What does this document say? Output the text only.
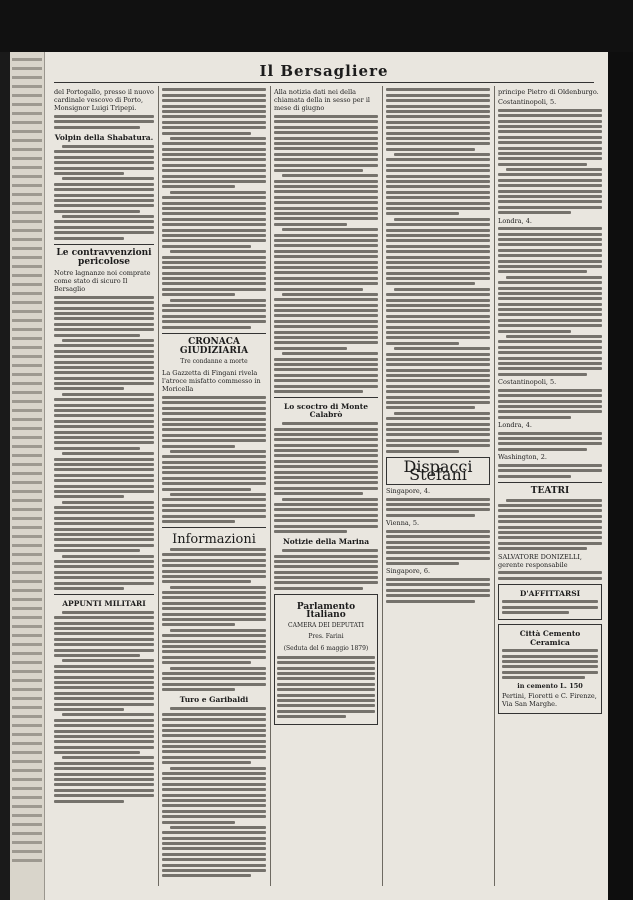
Il Bersagliere
del Portogallo, presso il nuovo cardinale vescovo di Porto, Monsignor Luigi Tripepi.
Volpin della Shabatura.
Le contravvenzioni pericolose
Notre lagnanze noi comprate come stato di sicuro Il Bersaglio
APPUNTI MILITARI
CRONACA GIUDIZIARIA
Tre condanne a morte
La Gazzetta di Fingani rivela l'atroce misfatto commesso in Moricella
Informazioni
Turo e Garibaldi
Alla notizia dati nei della chiamata della in sesso per il mese di giugno
Lo scoctro di Monte Calabrò
Notizie della Marina
Parlamento Italiano
CAMERA DEI DEPUTATI
Pres. Farini
(Seduta del 6 maggio 1879)
Dispacci Stefani
Singapore, 4.
Vienna, 5.
Singapore, 6.
principe Pietro di Oldenburgo.
Costantinopoli, 5.
Londra, 4.
Costantinopoli, 5.
Londra, 4.
Washington, 2.
TEATRI
SALVATORE DONIZELLI, gerente responsabile
D'AFFITTARSI
Città Cemento Ceramica
in cemento L. 150
Pertini, Fioretti e C. Firenze, Via San Marghe.
